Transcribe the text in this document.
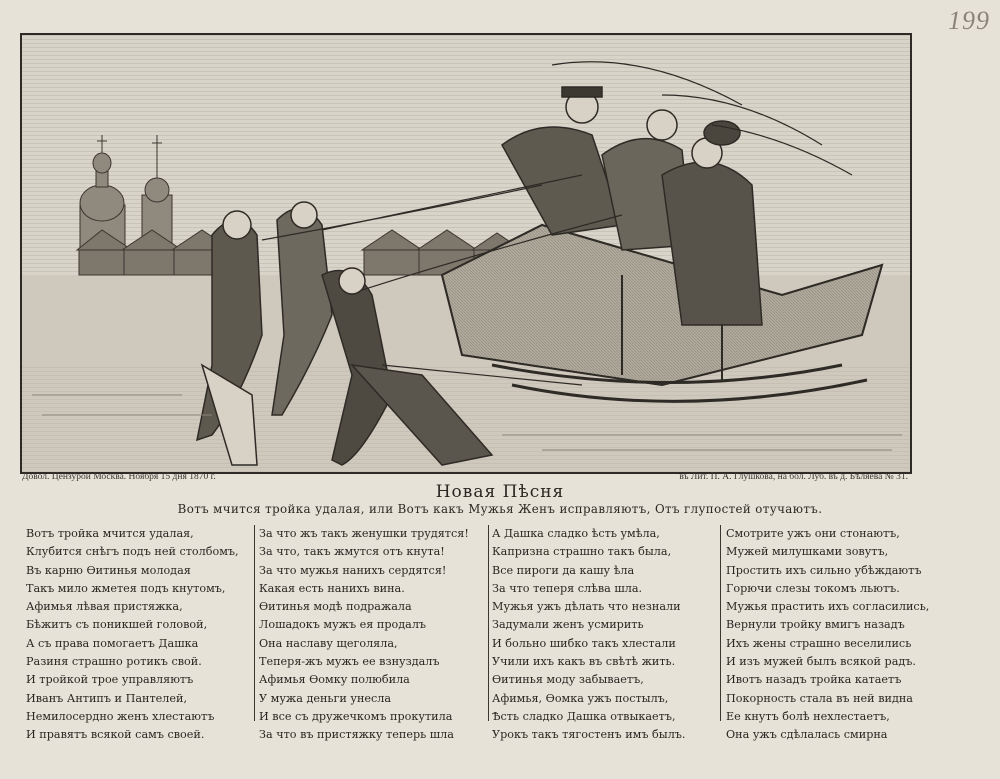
199
Довол. Цензурой Москва. Ноября 15 дня 1870 г.	въ Лит. П. А. Глушкова, на бол. Луб. въ д. Бѣляева № 31.
Новая Пѣсня
Вотъ мчится тройка удалая, или Вотъ какъ Мужья Женъ исправляютъ, Отъ глупостей отучаютъ.
Вотъ тройка мчится удалая,
Клубится снѣгъ подъ ней столбомъ,
Въ карню Ѳитинья молодая
Такъ мило жметея подъ кнутомъ,
Афимья лѣвая пристяжка,
Бѣжитъ съ поникшей головой,
А съ права помогаетъ Дашка
Разиня страшно ротикъ свой.
И тройкой трое управляютъ
Иванъ Антипъ и Пантелей,
Немилосердно женъ хлестаютъ
И правятъ всякой самъ своей.
За что жъ такъ женушки трудятся!
За что, такъ жмутся отъ кнута!
За что мужья нанихъ сердятся!
Какая есть нанихъ вина.
Ѳитинья модѣ подражала
Лошадокъ мужъ ея продалъ
Она наславу щеголяла,
Теперя-жъ мужъ ее взнуздалъ
Афимья Ѳомку полюбила
У мужа деньги унесла
И все съ дружечкомъ прокутила
За что въ пристяжку теперь шла
А Дашка сладко ѣсть умѣла,
Капризна страшно такъ была,
Все пироги да кашу ѣла
За что теперя слѣва шла.
Мужья ужъ дѣлать что незнали
Задумали женъ усмирить
И больно шибко такъ хлестали
Учили ихъ какъ въ свѣтѣ жить.
Ѳитинья моду забываетъ,
Афимья, Ѳомка ужъ постылъ,
Ѣсть сладко Дашка отвыкаетъ,
Урокъ такъ тягостенъ имъ былъ.
Смотрите ужъ они стонаютъ,
Мужей милушками зовутъ,
Простить ихъ сильно убѣждаютъ
Горючи слезы токомъ льютъ.
Мужья прастить ихъ согласились,
Вернули тройку вмигъ назадъ
Ихъ жены страшно веселились
И изъ мужей былъ всякой радъ.
Ивотъ назадъ тройка катаетъ
Покорность стала въ ней видна
Ее кнутъ болѣ нехлестаетъ,
Она ужъ сдѣлалась смирна
